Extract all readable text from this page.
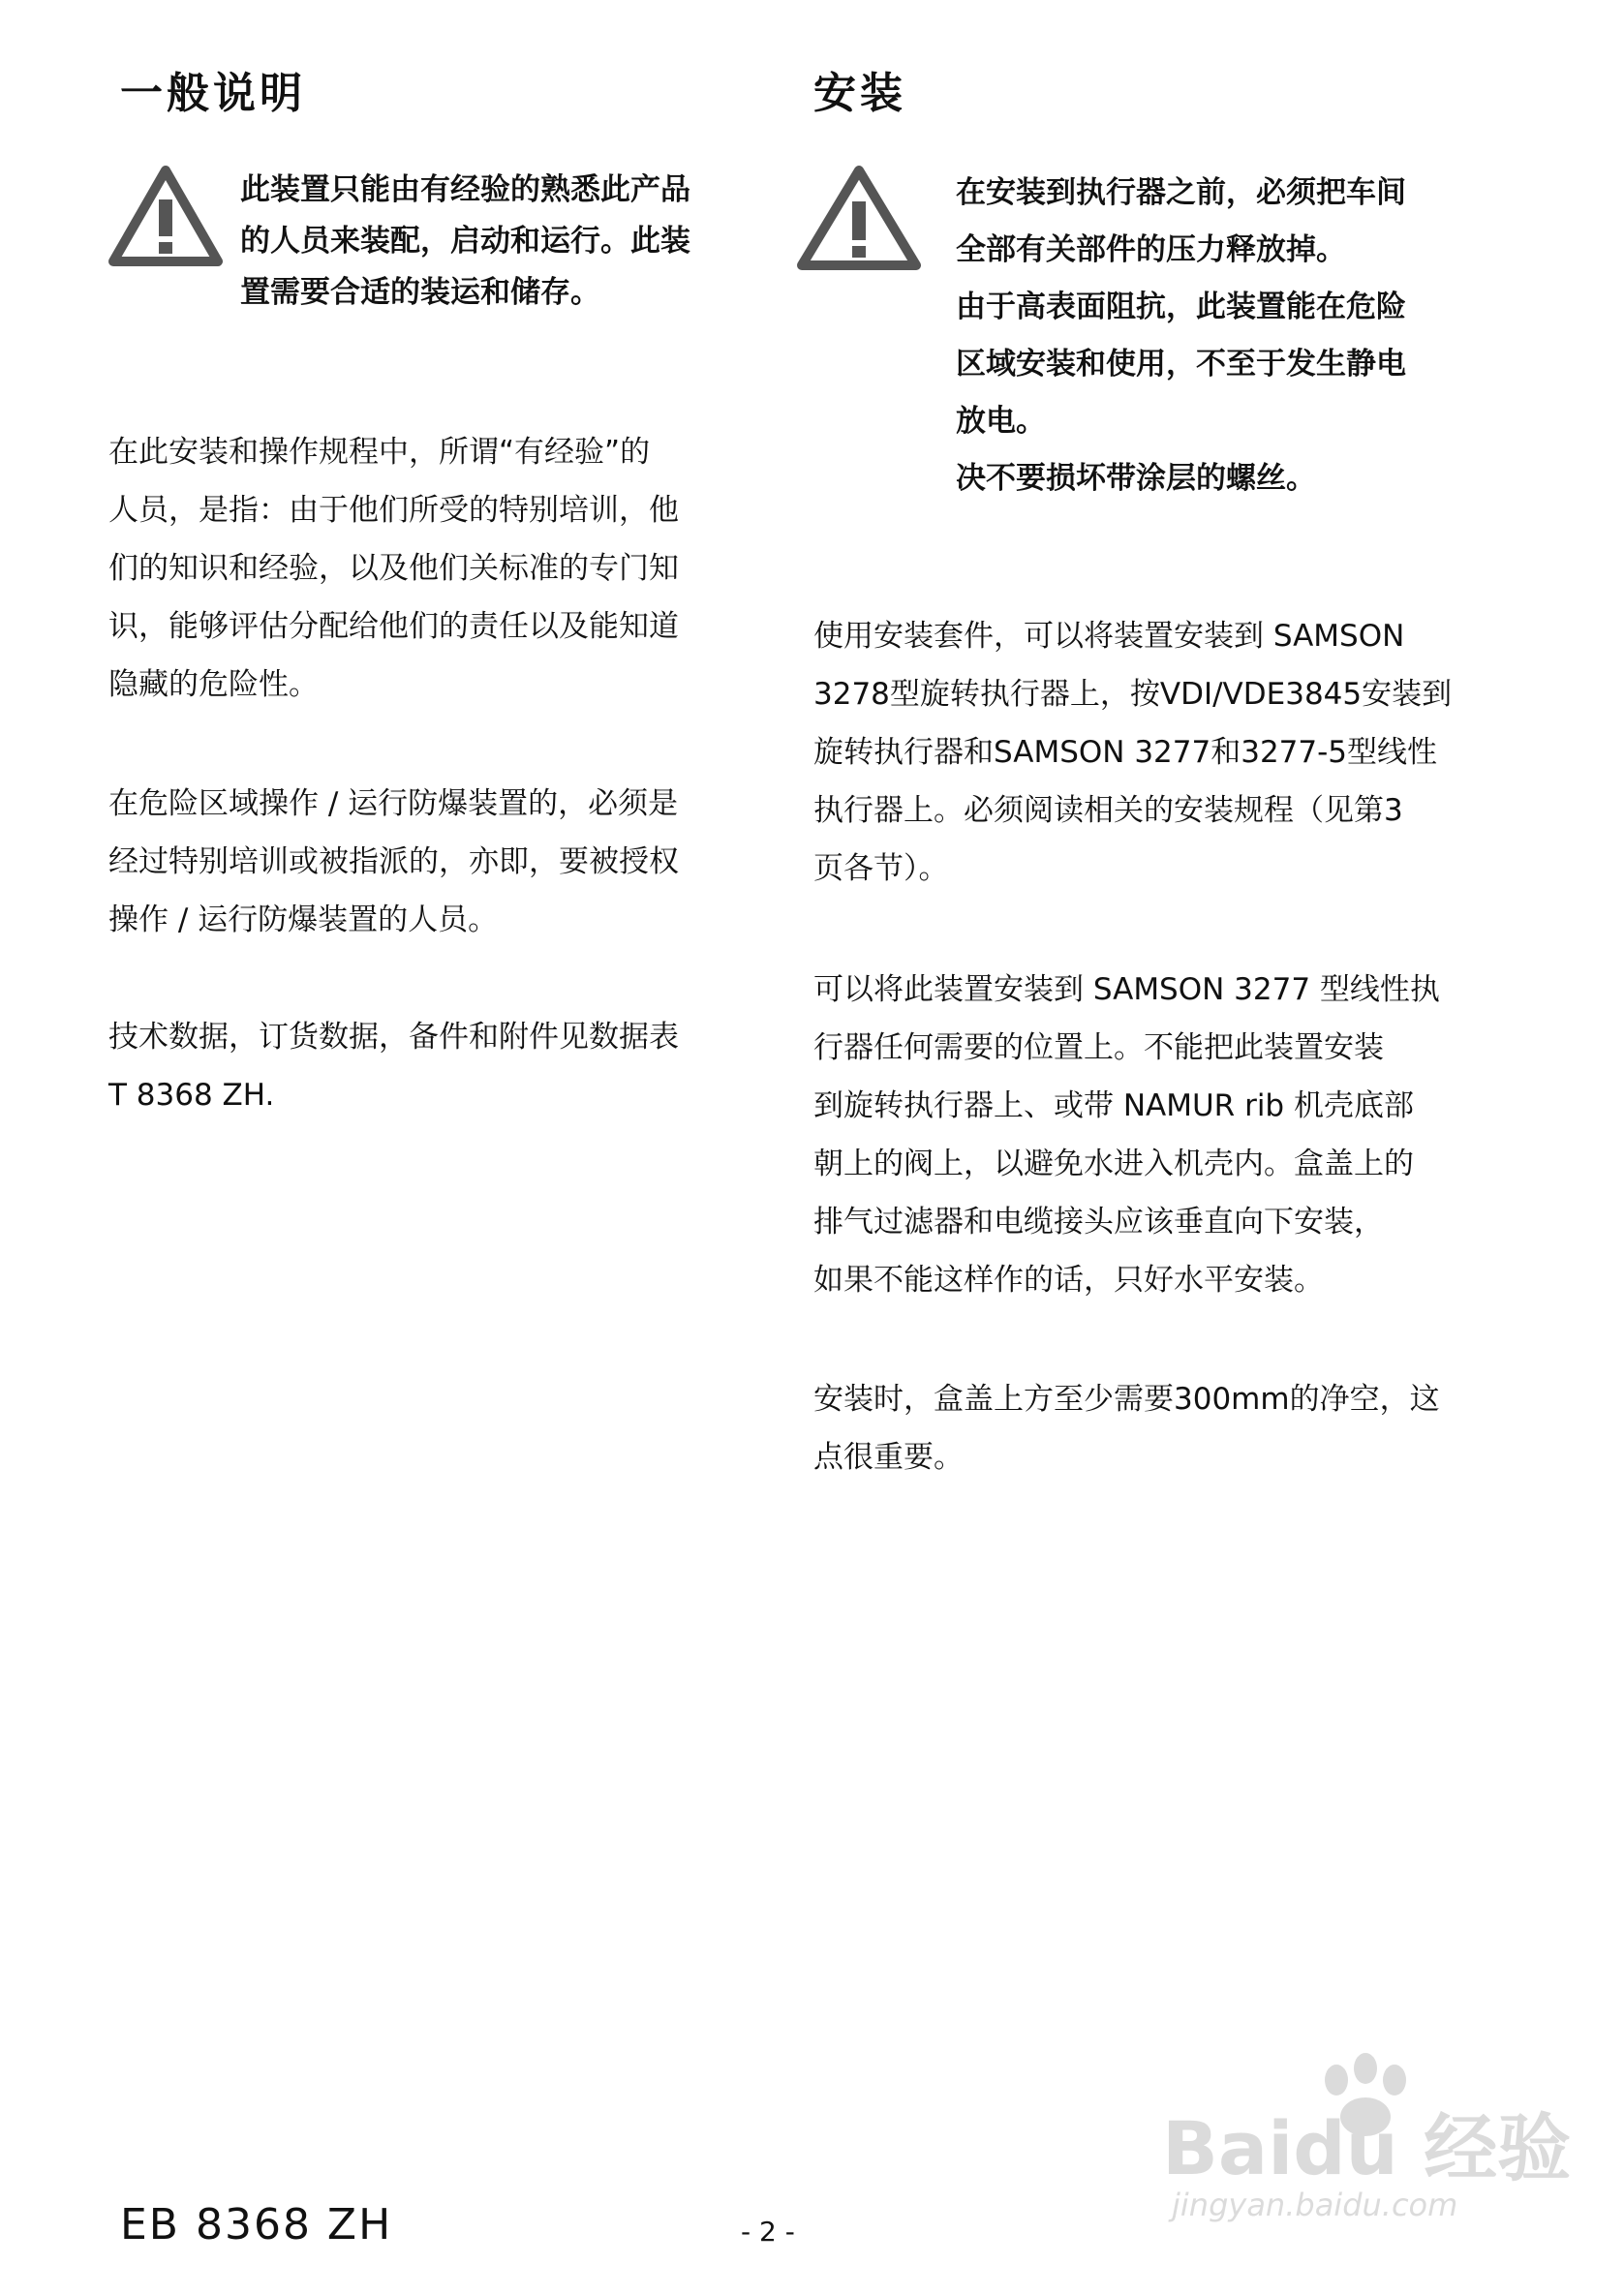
一般说明
此装置只能由有经验的熟悉此产品
的人员来装配，启动和运行。此装
置需要合适的装运和储存。
在此安装和操作规程中，所谓“有经验”的
人员，是指：由于他们所受的特别培训，他
们的知识和经验，以及他们关标准的专门知
识，能够评估分配给他们的责任以及能知道
隐藏的危险性。
在危险区域操作 / 运行防爆装置的，必须是
经过特别培训或被指派的，亦即，要被授权
操作 / 运行防爆装置的人员。
技术数据，订货数据，备件和附件见数据表
T 8368 ZH.
安装
在安装到执行器之前，必须把车间
全部有关部件的压力释放掉。
由于高表面阻抗，此装置能在危险
区域安装和使用，不至于发生静电
放电。
决不要损坏带涂层的螺丝。
使用安装套件，可以将装置安装到 SAMSON
3278型旋转执行器上，按VDI/VDE3845安装到
旋转执行器和SAMSON 3277和3277-5型线性
执行器上。必须阅读相关的安装规程（见第3
页各节）。
可以将此装置安装到 SAMSON 3277 型线性执
行器任何需要的位置上。不能把此装置安装
到旋转执行器上、或带 NAMUR rib 机壳底部
朝上的阀上，以避免水进入机壳内。盒盖上的
排气过滤器和电缆接头应该垂直向下安装，
如果不能这样作的话，只好水平安装。
安装时，盒盖上方至少需要300mm的净空，这
点很重要。
EB 8368 ZH	- 2 -
Baidu 经验
jingyan.baidu.com
